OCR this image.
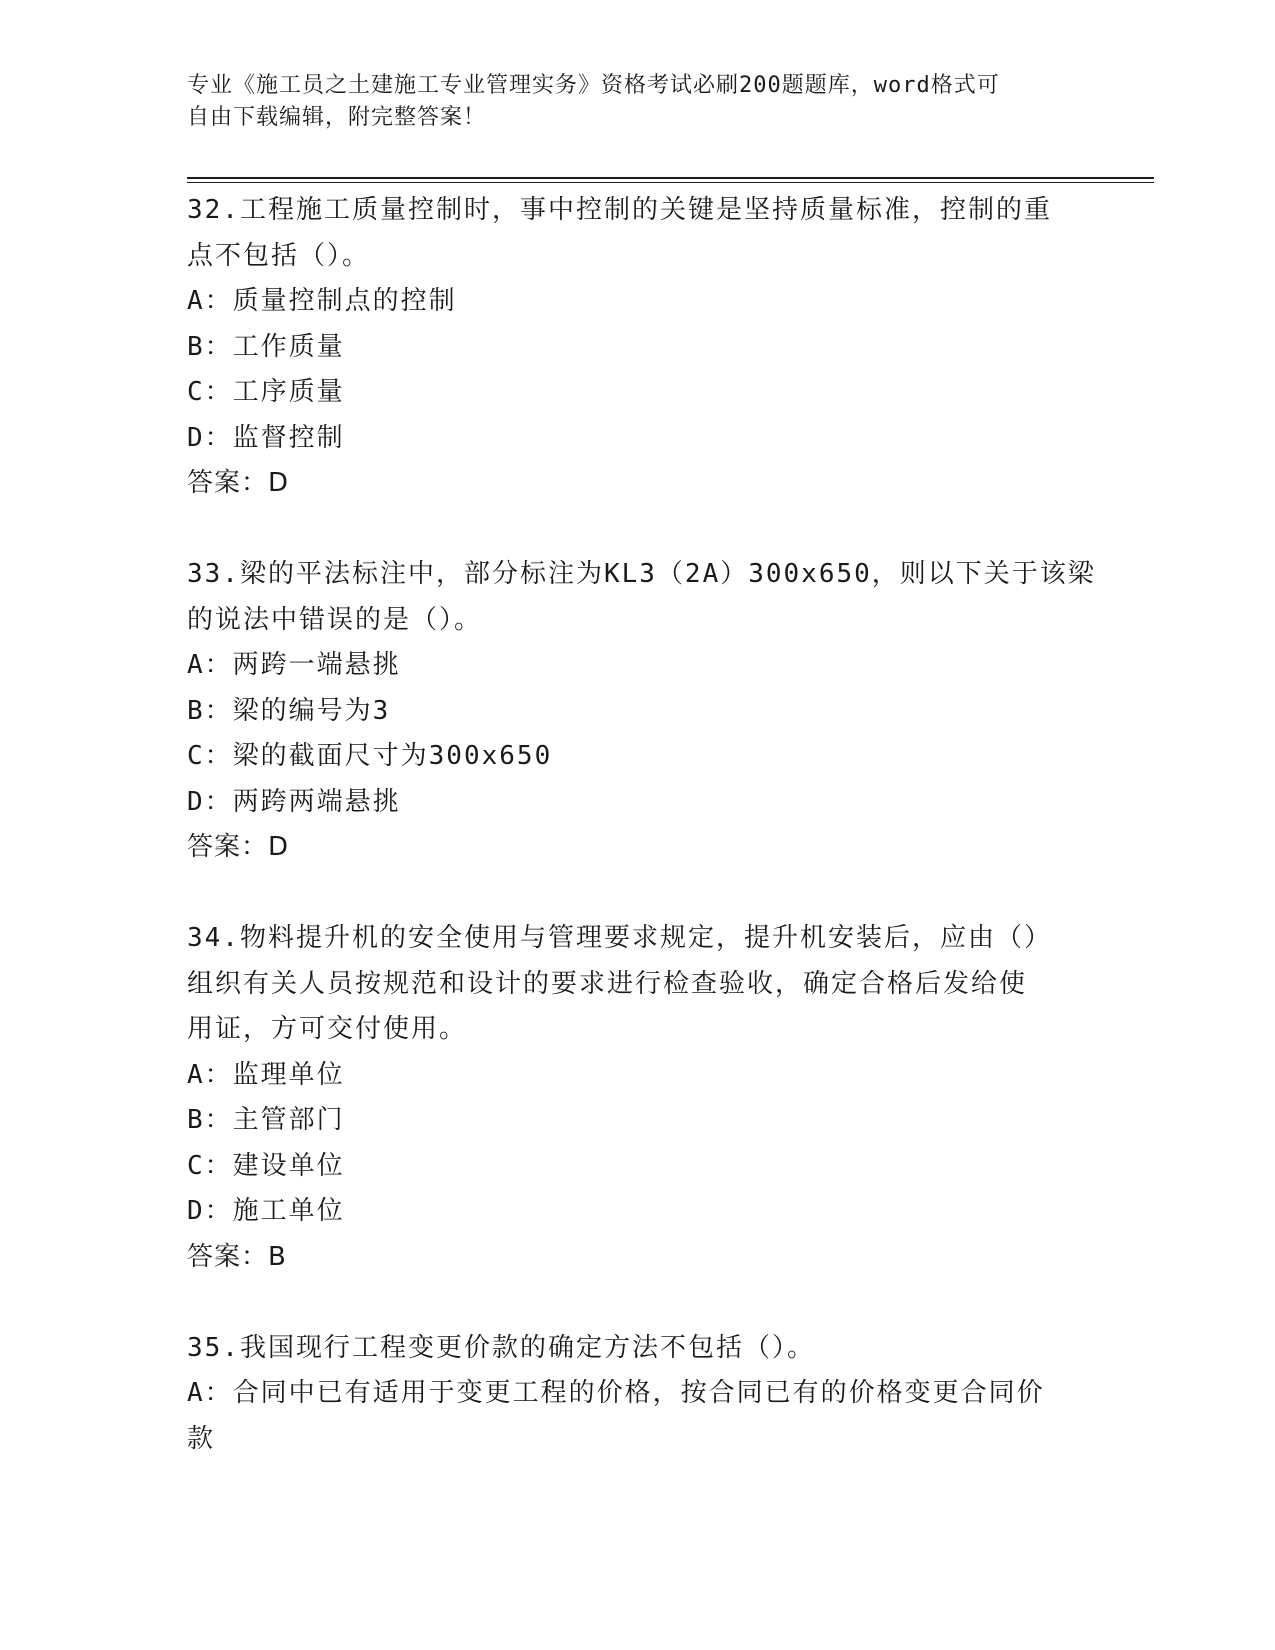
专业《施工员之土建施工专业管理实务》资格考试必刷200题题库，word格式可
自由下载编辑，附完整答案！
32.工程施工质量控制时，事中控制的关键是坚持质量标准，控制的重
点不包括（）。
A：质量控制点的控制
B：工作质量
C：工序质量
D：监督控制
答案：D
33.梁的平法标注中，部分标注为KL3（2A）300x650，则以下关于该梁
的说法中错误的是（）。
A：两跨一端悬挑
B：梁的编号为3
C：梁的截面尺寸为300x650
D：两跨两端悬挑
答案：D
34.物料提升机的安全使用与管理要求规定，提升机安装后，应由（）
组织有关人员按规范和设计的要求进行检查验收，确定合格后发给使
用证，方可交付使用。
A：监理单位
B：主管部门
C：建设单位
D：施工单位
答案：B
35.我国现行工程变更价款的确定方法不包括（）。
A：合同中已有适用于变更工程的价格，按合同已有的价格变更合同价
款
